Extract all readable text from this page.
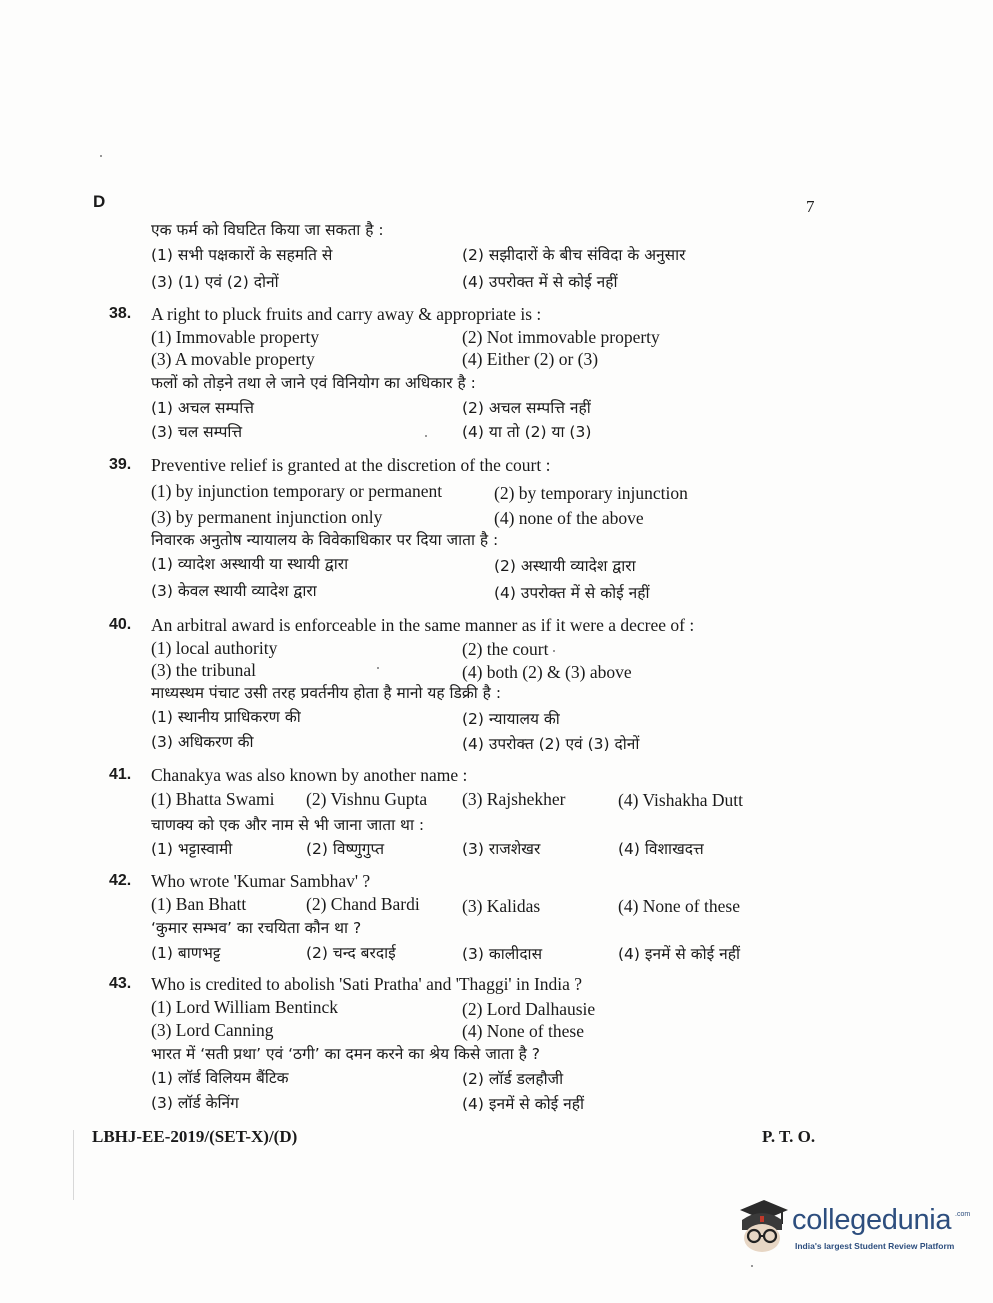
D	7
एक फर्म को विघटित किया जा सकता है :
(1) सभी पक्षकारों के सहमति से	(2) सझीदारों के बीच संविदा के अनुसार
(3) (1) एवं (2) दोनों	(4) उपरोक्त में से कोई नहीं
38. A right to pluck fruits and carry away & appropriate is :
(1) Immovable property	(2) Not immovable property
(3) A movable property	(4) Either (2) or (3)
फलों को तोड़ने तथा ले जाने एवं विनियोग का अधिकार है :
(1) अचल सम्पत्ति	(2) अचल सम्पत्ति नहीं
(3) चल सम्पत्ति	(4) या तो (2) या (3)
39. Preventive relief is granted at the discretion of the court :
(1) by injunction temporary or permanent	(2) by temporary injunction
(3) by permanent injunction only	(4) none of the above
निवारक अनुतोष न्यायालय के विवेकाधिकार पर दिया जाता है :
(1) व्यादेश अस्थायी या स्थायी द्वारा	(2) अस्थायी व्यादेश द्वारा
(3) केवल स्थायी व्यादेश द्वारा	(4) उपरोक्त में से कोई नहीं
40. An arbitral award is enforceable in the same manner as if it were a decree of :
(1) local authority	(2) the court
(3) the tribunal	(4) both (2) & (3) above
माध्यस्थम पंचाट उसी तरह प्रवर्तनीय होता है मानो यह डिक्री है :
(1) स्थानीय प्राधिकरण की	(2) न्यायालय की
(3) अधिकरण की	(4) उपरोक्त (2) एवं (3) दोनों
41. Chanakya was also known by another name :
(1) Bhatta Swami (2) Vishnu Gupta (3) Rajshekher	(4) Vishakha Dutt
चाणक्य को एक और नाम से भी जाना जाता था :
(1) भट्टास्वामी	(2) विष्णुगुप्त	(3) राजशेखर	(4) विशाखदत्त
42. Who wrote 'Kumar Sambhav' ?
(1) Ban Bhatt	(2) Chand Bardi (3) Kalidas	(4) None of these
‘कुमार सम्भव’ का रचयिता कौन था ?
(1) बाणभट्ट	(2) चन्द बरदाई	(3) कालीदास	(4) इनमें से कोई नहीं
43. Who is credited to abolish 'Sati Pratha' and 'Thaggi' in India ?
(1) Lord William Bentinck	(2) Lord Dalhausie
(3) Lord Canning	(4) None of these
भारत में ‘सती प्रथा’ एवं ‘ठगी’ का दमन करने का श्रेय किसे जाता है ?
(1) लॉर्ड विलियम बैंटिक	(2) लॉर्ड डलहौजी
(3) लॉर्ड केनिंग	(4) इनमें से कोई नहीं
LBHJ-EE-2019/(SET-X)/(D)	P. T. O.
collegedunia .com
India's largest Student Review Platform
